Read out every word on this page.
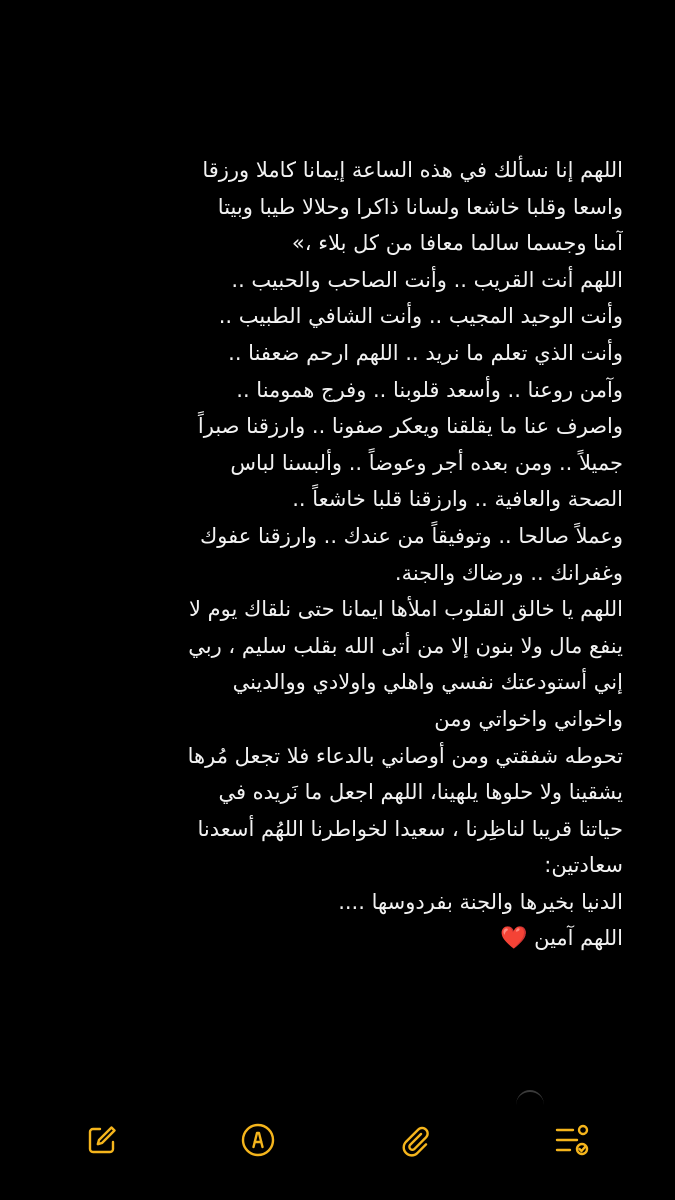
اللهم إنا نسألك في هذه الساعة إيمانا كاملا ورزقا
واسعا وقلبا خاشعا ولسانا ذاكرا وحلالا طيبا وبيتا
آمنا وجسما سالما معافا من كل بلاء ،»
اللهم أنت القريب .. وأنت الصاحب والحبيب ..
وأنت الوحيد المجيب .. وأنت الشافي الطبيب ..
وأنت الذي تعلم ما نريد .. اللهم ارحم ضعفنا ..
وآمن روعنا .. وأسعد قلوبنا .. وفرج همومنا ..
واصرف عنا ما يقلقنا ويعكر صفونا .. وارزقنا صبراً
جميلاً .. ومن بعده أجر وعوضاً .. وألبسنا لباس
الصحة والعافية .. وارزقنا قلبا خاشعاً ..
وعملاً صالحا .. وتوفيقاً من عندك .. وارزقنا عفوك
وغفرانك .. ورضاك والجنة.
اللهم يا خالق القلوب املأها ايمانا حتى نلقاك يوم لا
ينفع مال ولا بنون إلا من أتى الله بقلب سليم ، ربي
إني أستودعتك نفسي واهلي واولادي ووالديني
واخواني واخواتي ومن
تحوطه شفقتي ومن أوصاني بالدعاء فلا تجعل مُرها
يشقينا ولا حلوها يلهينا، اللهم اجعل ما نَريده في
حياتنا قريبا لناظِرنا ، سعيدا لخواطرنا اللهُم أسعدنا
سعادتين:
الدنيا بخيرها والجنة بفردوسها ....
اللهم آمين ❤️
